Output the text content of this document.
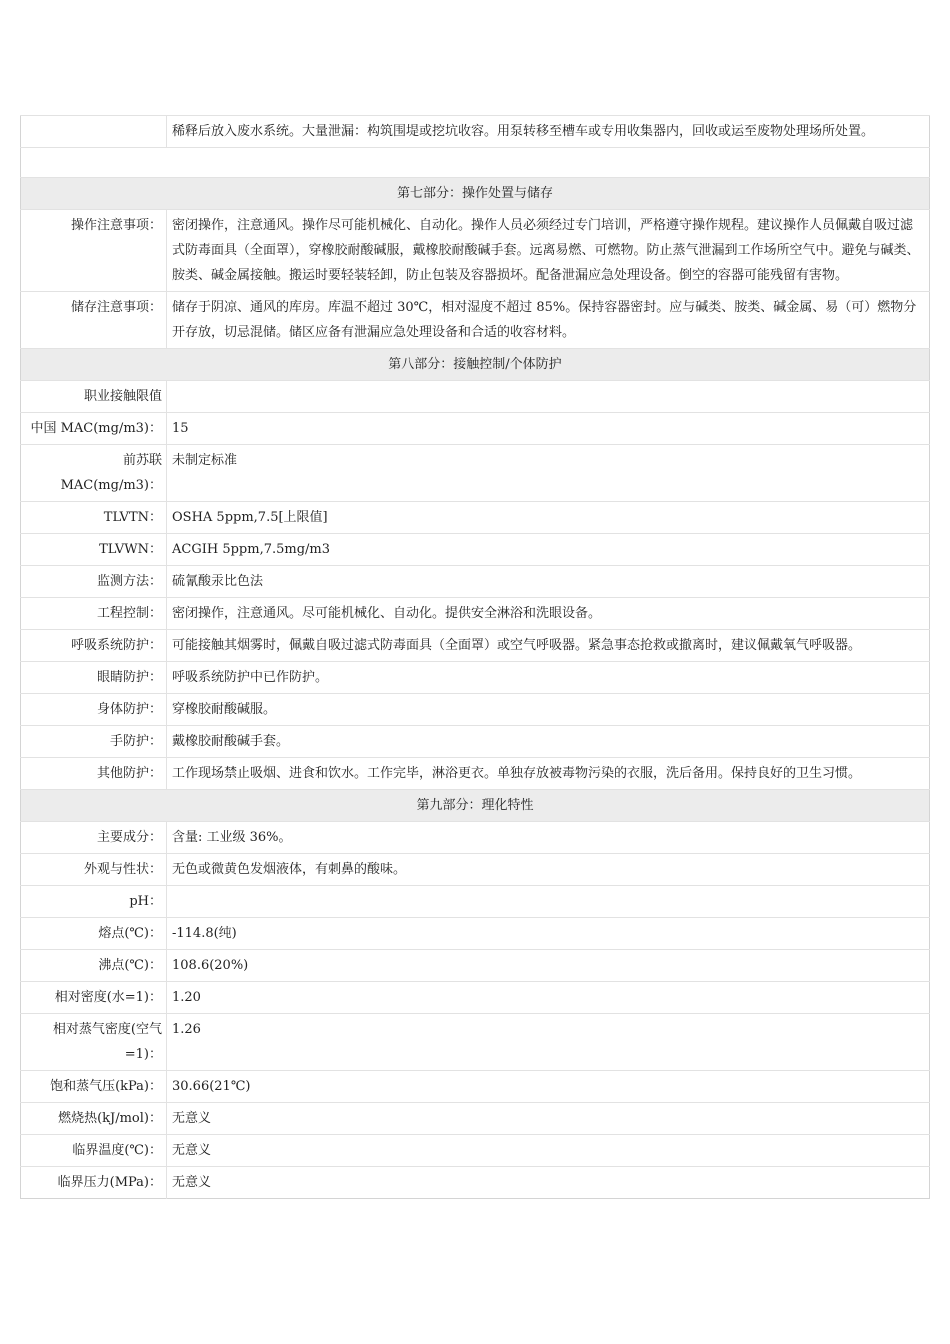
	稀释后放入废水系统。大量泄漏：构筑围堤或挖坑收容。用泵转移至槽车或专用收集器内，回收或运至废物处理场所处置。

第七部分：操作处置与储存	
操作注意事项：	密闭操作，注意通风。操作尽可能机械化、自动化。操作人员必须经过专门培训，严格遵守操作规程。建议操作人员佩戴自吸过滤式防毒面具（全面罩），穿橡胶耐酸碱服，戴橡胶耐酸碱手套。远离易燃、可燃物。防止蒸气泄漏到工作场所空气中。避免与碱类、胺类、碱金属接触。搬运时要轻装轻卸，防止包装及容器损坏。配备泄漏应急处理设备。倒空的容器可能残留有害物。
储存注意事项：	储存于阴凉、通风的库房。库温不超过 30℃，相对湿度不超过 85%。保持容器密封。应与碱类、胺类、碱金属、易（可）燃物分开存放，切忌混储。储区应备有泄漏应急处理设备和合适的收容材料。
第八部分：接触控制/个体防护	
职业接触限值	
中国 MAC(mg/m3)：	15
前苏联 MAC(mg/m3)：	未制定标准
TLVTN：	OSHA 5ppm,7.5[上限值]
TLVWN：	ACGIH 5ppm,7.5mg/m3
监测方法：	硫氰酸汞比色法
工程控制：	密闭操作，注意通风。尽可能机械化、自动化。提供安全淋浴和洗眼设备。
呼吸系统防护：	可能接触其烟雾时，佩戴自吸过滤式防毒面具（全面罩）或空气呼吸器。紧急事态抢救或撤离时，建议佩戴氧气呼吸器。
眼睛防护：	呼吸系统防护中已作防护。
身体防护：	穿橡胶耐酸碱服。
手防护：	戴橡胶耐酸碱手套。
其他防护：	工作现场禁止吸烟、进食和饮水。工作完毕，淋浴更衣。单独存放被毒物污染的衣服，洗后备用。保持良好的卫生习惯。
第九部分：理化特性	
主要成分：	含量: 工业级 36%。
外观与性状：	无色或微黄色发烟液体，有刺鼻的酸味。
pH：	
熔点(℃)：	-114.8(纯)
沸点(℃)：	108.6(20%)
相对密度(水=1)：	1.20
相对蒸气密度(空气=1)：	1.26
饱和蒸气压(kPa)：	30.66(21℃)
燃烧热(kJ/mol)：	无意义
临界温度(℃)：	无意义
临界压力(MPa)：	无意义
